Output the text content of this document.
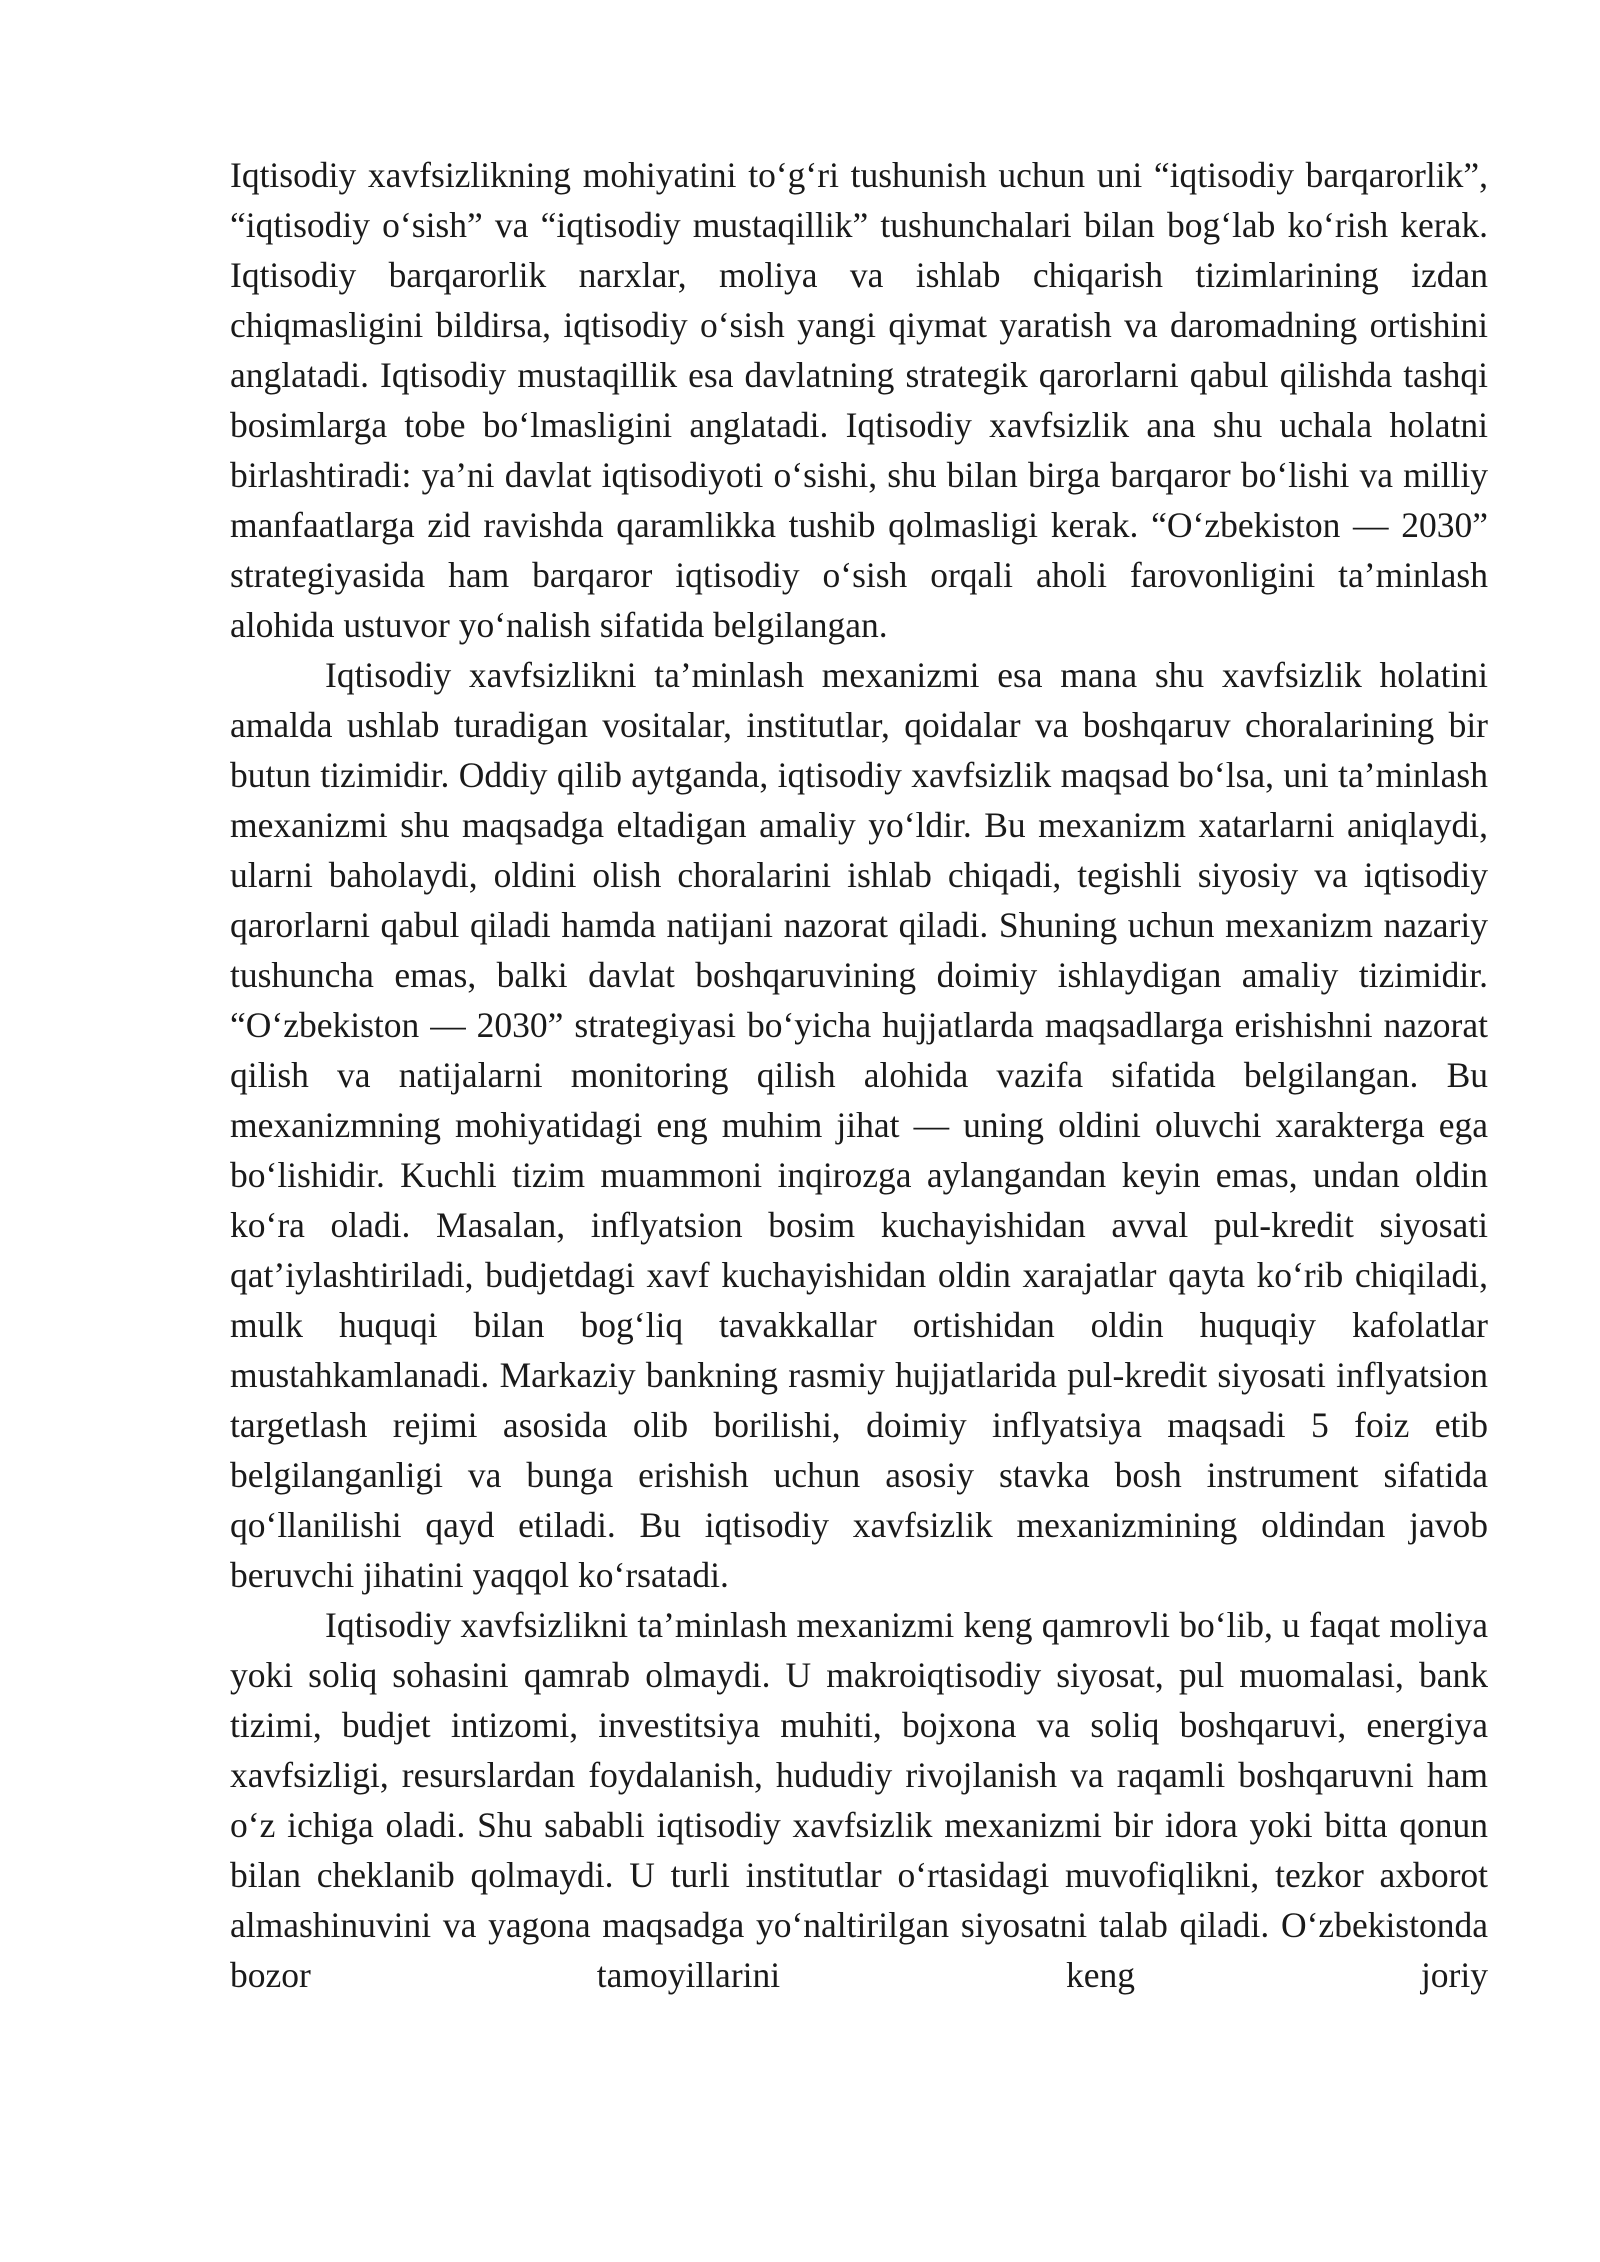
Iqtisodiy xavfsizlikning mohiyatini to‘g‘ri tushunish uchun uni “iqtisodiy barqarorlik”, “iqtisodiy o‘sish” va “iqtisodiy mustaqillik” tushunchalari bilan bog‘lab ko‘rish kerak. Iqtisodiy barqarorlik narxlar, moliya va ishlab chiqarish tizimlarining izdan chiqmasligini bildirsa, iqtisodiy o‘sish yangi qiymat yaratish va daromadning ortishini anglatadi. Iqtisodiy mustaqillik esa davlatning strategik qarorlarni qabul qilishda tashqi bosimlarga tobe bo‘lmasligini anglatadi. Iqtisodiy xavfsizlik ana shu uchala holatni birlashtiradi: ya’ni davlat iqtisodiyoti o‘sishi, shu bilan birga barqaror bo‘lishi va milliy manfaatlarga zid ravishda qaramlikka tushib qolmasligi kerak. “O‘zbekiston — 2030” strategiyasida ham barqaror iqtisodiy o‘sish orqali aholi farovonligini ta’minlash alohida ustuvor yo‘nalish sifatida belgilangan.

Iqtisodiy xavfsizlikni ta’minlash mexanizmi esa mana shu xavfsizlik holatini amalda ushlab turadigan vositalar, institutlar, qoidalar va boshqaruv choralarining bir butun tizimidir. Oddiy qilib aytganda, iqtisodiy xavfsizlik maqsad bo‘lsa, uni ta’minlash mexanizmi shu maqsadga eltadigan amaliy yo‘ldir. Bu mexanizm xatarlarni aniqlaydi, ularni baholaydi, oldini olish choralarini ishlab chiqadi, tegishli siyosiy va iqtisodiy qarorlarni qabul qiladi hamda natijani nazorat qiladi. Shuning uchun mexanizm nazariy tushuncha emas, balki davlat boshqaruvining doimiy ishlaydigan amaliy tizimidir. “O‘zbekiston — 2030” strategiyasi bo‘yicha hujjatlarda maqsadlarga erishishni nazorat qilish va natijalarni monitoring qilish alohida vazifa sifatida belgilangan. Bu mexanizmning mohiyatidagi eng muhim jihat — uning oldini oluvchi xarakterga ega bo‘lishidir. Kuchli tizim muammoni inqirozga aylangandan keyin emas, undan oldin ko‘ra oladi. Masalan, inflyatsion bosim kuchayishidan avval pul-kredit siyosati qat’iylashtiriladi, budjetdagi xavf kuchayishidan oldin xarajatlar qayta ko‘rib chiqiladi, mulk huquqi bilan bog‘liq tavakkallar ortishidan oldin huquqiy kafolatlar mustahkamlanadi. Markaziy bankning rasmiy hujjatlarida pul-kredit siyosati inflyatsion targetlash rejimi asosida olib borilishi, doimiy inflyatsiya maqsadi 5 foiz etib belgilanganligi va bunga erishish uchun asosiy stavka bosh instrument sifatida qo‘llanilishi qayd etiladi. Bu iqtisodiy xavfsizlik mexanizmining oldindan javob beruvchi jihatini yaqqol ko‘rsatadi.

Iqtisodiy xavfsizlikni ta’minlash mexanizmi keng qamrovli bo‘lib, u faqat moliya yoki soliq sohasini qamrab olmaydi. U makroiqtisodiy siyosat, pul muomalasi, bank tizimi, budjet intizomi, investitsiya muhiti, bojxona va soliq boshqaruvi, energiya xavfsizligi, resurslardan foydalanish, hududiy rivojlanish va raqamli boshqaruvni ham o‘z ichiga oladi. Shu sababli iqtisodiy xavfsizlik mexanizmi bir idora yoki bitta qonun bilan cheklanib qolmaydi. U turli institutlar o‘rtasidagi muvofiqlikni, tezkor axborot almashinuvini va yagona maqsadga yo‘naltirilgan siyosatni talab qiladi. O‘zbekistonda bozor tamoyillarini keng joriy
